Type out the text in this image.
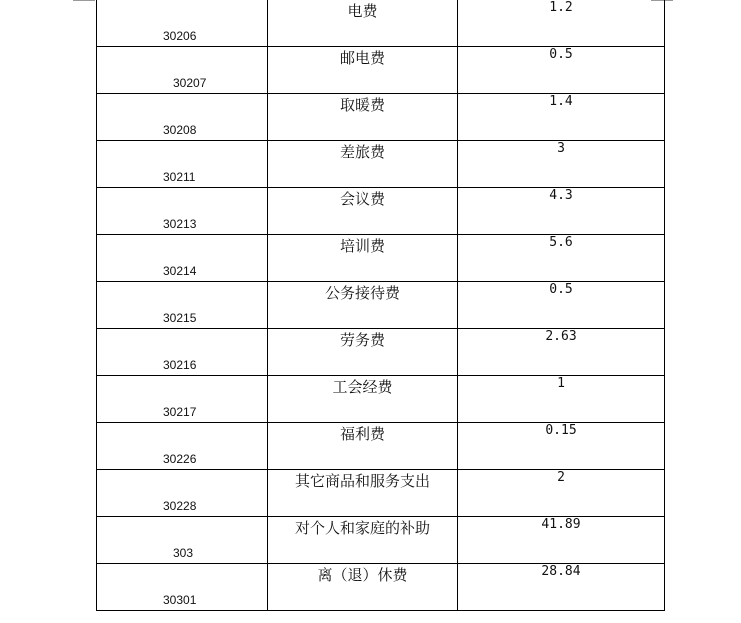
30206	电费	1.2

30207	邮电费	0.5

30208	取暖费	1.4

30211	差旅费	3

30213	会议费	4.3

30214	培训费	5.6

30215	公务接待费	0.5

30216	劳务费	2.63

30217	工会经费	1

30226	福利费	0.15

30228	其它商品和服务支出	2

303	对个人和家庭的补助	41.89

30301	离（退）休费	28.84
